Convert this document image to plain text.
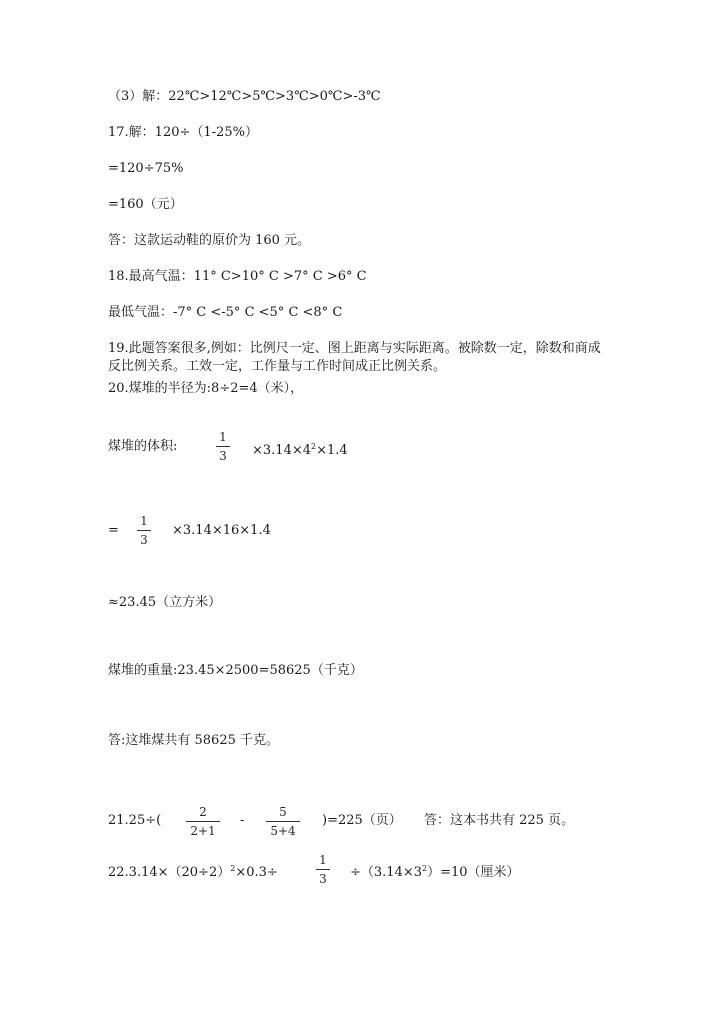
（3）解：22℃>12℃>5℃>3℃>0℃>-3℃
17.解：120÷（1-25%）
=120÷75%
=160（元）
答：这款运动鞋的原价为 160 元。
18.最高气温：11° C>10° C >7° C >6° C
最低气温：-7° C <-5° C <5° C <8° C
19.此题答案很多,例如：比例尺一定、图上距离与实际距离。被除数一定，除数和商成反比例关系。工效一定，工作量与工作时间成正比例关系。
20.煤堆的半径为:8÷2=4（米），
煤堆的体积:
1
$3 \times 3.14\times 4^2\times 1.4$
=
1
3
×3.14×16×1.4
≈23.45（立方米）
煤堆的重量:23.45×2500=58625（千克）
答:这堆煤共有 58625 千克。
21.25÷(
2
2+1
-
5
5+4
)=225（页） 答：这本书共有 225 页。
$22.3.14\times(20\div 2)^2\times 0.3\div$
1
$3 \div(3.14\times 3^2)=10$（厘米）
